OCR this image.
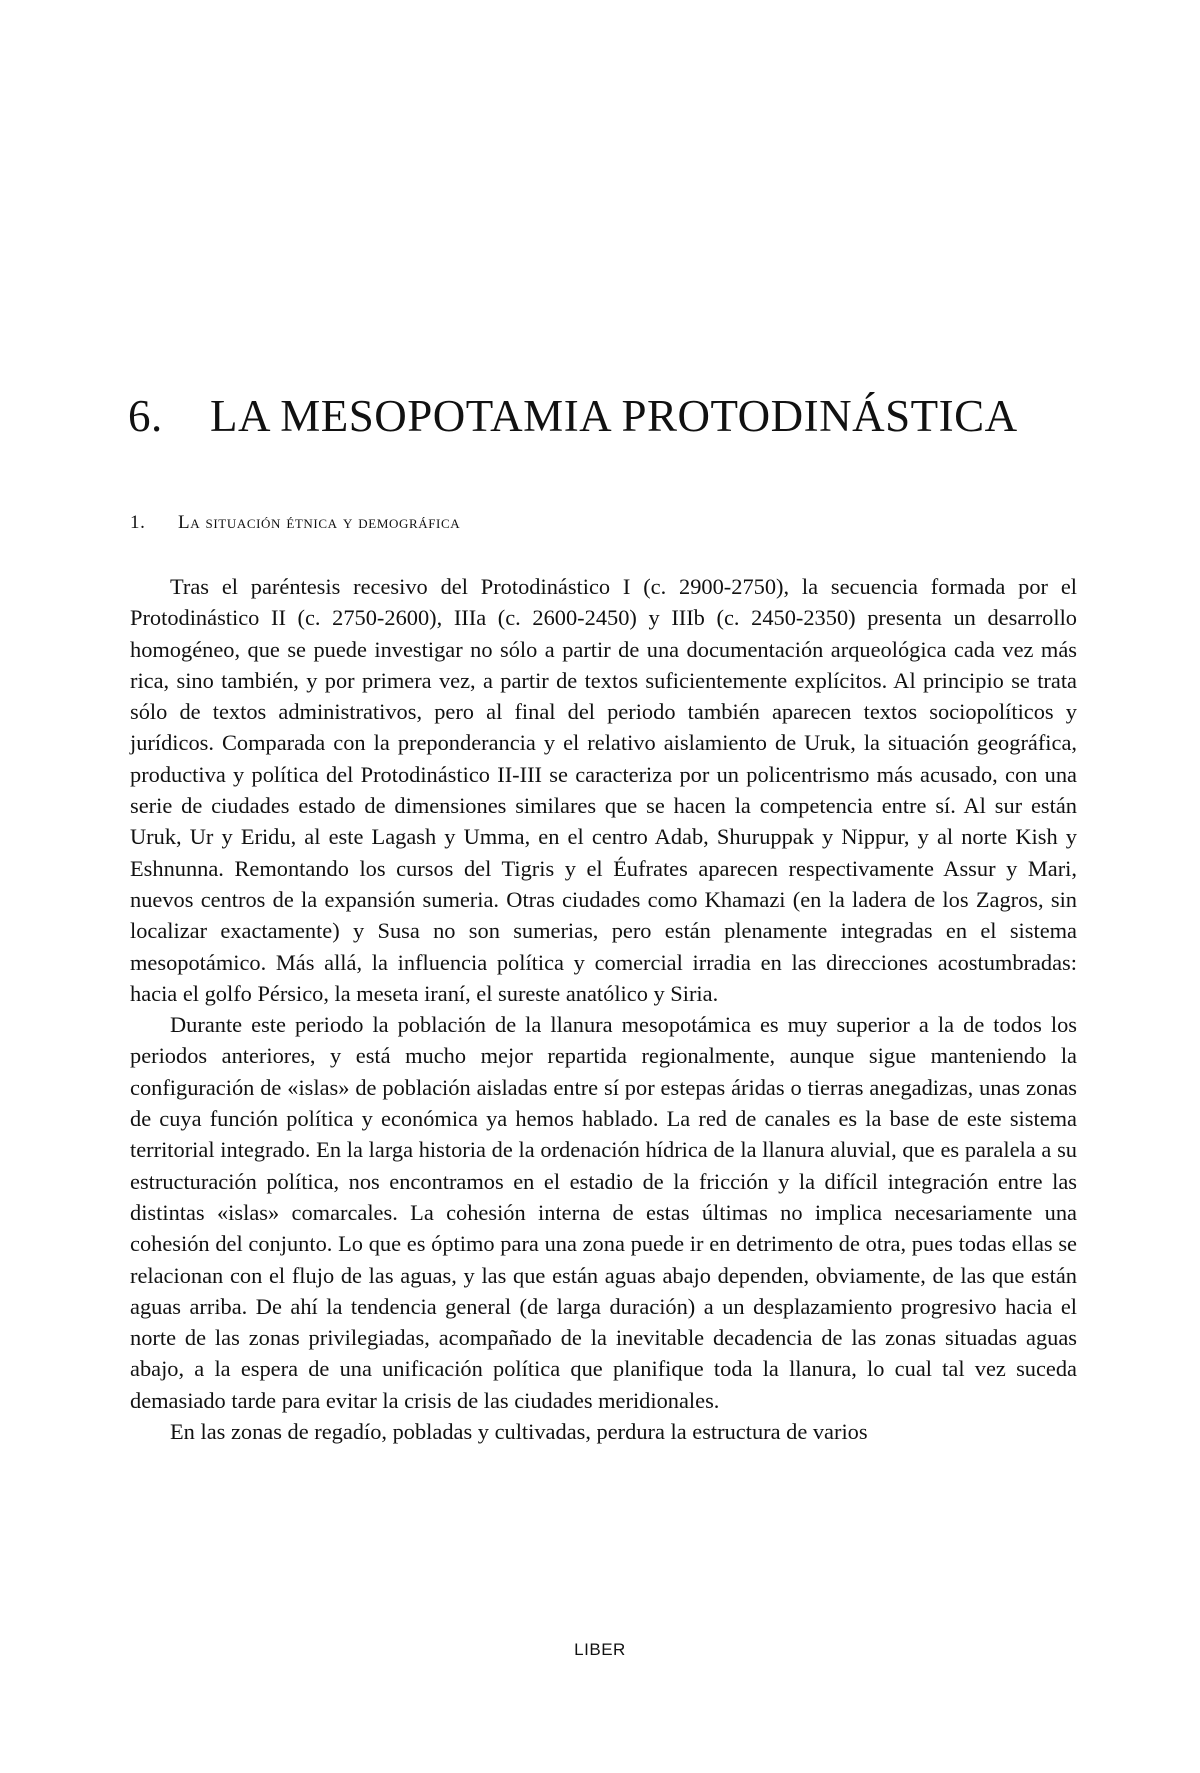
6. LA MESOPOTAMIA PROTODINÁSTICA
1. La situación étnica y demográfica

Tras el paréntesis recesivo del Protodinástico I (c. 2900-2750), la secuencia formada por el Protodinástico II (c. 2750-2600), IIIa (c. 2600-2450) y IIIb (c. 2450-2350) presenta un desarrollo homogéneo, que se puede investigar no sólo a partir de una documentación arqueológica cada vez más rica, sino también, y por primera vez, a partir de textos suficientemente explícitos. Al principio se trata sólo de textos administrativos, pero al final del periodo también aparecen textos sociopolíticos y jurídicos. Comparada con la preponderancia y el relativo aislamiento de Uruk, la situación geográfica, productiva y política del Protodinástico II-III se caracteriza por un policentrismo más acusado, con una serie de ciudades estado de dimensiones similares que se hacen la competencia entre sí. Al sur están Uruk, Ur y Eridu, al este Lagash y Umma, en el centro Adab, Shuruppak y Nippur, y al norte Kish y Eshnunna. Remontando los cursos del Tigris y el Éufrates aparecen respectivamente Assur y Mari, nuevos centros de la expansión sumeria. Otras ciudades como Khamazi (en la ladera de los Zagros, sin localizar exactamente) y Susa no son sumerias, pero están plenamente integradas en el sistema mesopotámico. Más allá, la influencia política y comercial irradia en las direcciones acostumbradas: hacia el golfo Pérsico, la meseta iraní, el sureste anatólico y Siria.

Durante este periodo la población de la llanura mesopotámica es muy superior a la de todos los periodos anteriores, y está mucho mejor repartida regionalmente, aunque sigue manteniendo la configuración de «islas» de población aisladas entre sí por estepas áridas o tierras anegadizas, unas zonas de cuya función política y económica ya hemos hablado. La red de canales es la base de este sistema territorial integrado. En la larga historia de la ordenación hídrica de la llanura aluvial, que es paralela a su estructuración política, nos encontramos en el estadio de la fricción y la difícil integración entre las distintas «islas» comarcales. La cohesión interna de estas últimas no implica necesariamente una cohesión del conjunto. Lo que es óptimo para una zona puede ir en detrimento de otra, pues todas ellas se relacionan con el flujo de las aguas, y las que están aguas abajo dependen, obviamente, de las que están aguas arriba. De ahí la tendencia general (de larga duración) a un desplazamiento progresivo hacia el norte de las zonas privilegiadas, acompañado de la inevitable decadencia de las zonas situadas aguas abajo, a la espera de una unificación política que planifique toda la llanura, lo cual tal vez suceda demasiado tarde para evitar la crisis de las ciudades meridionales.

En las zonas de regadío, pobladas y cultivadas, perdura la estructura de varios

LIBER
